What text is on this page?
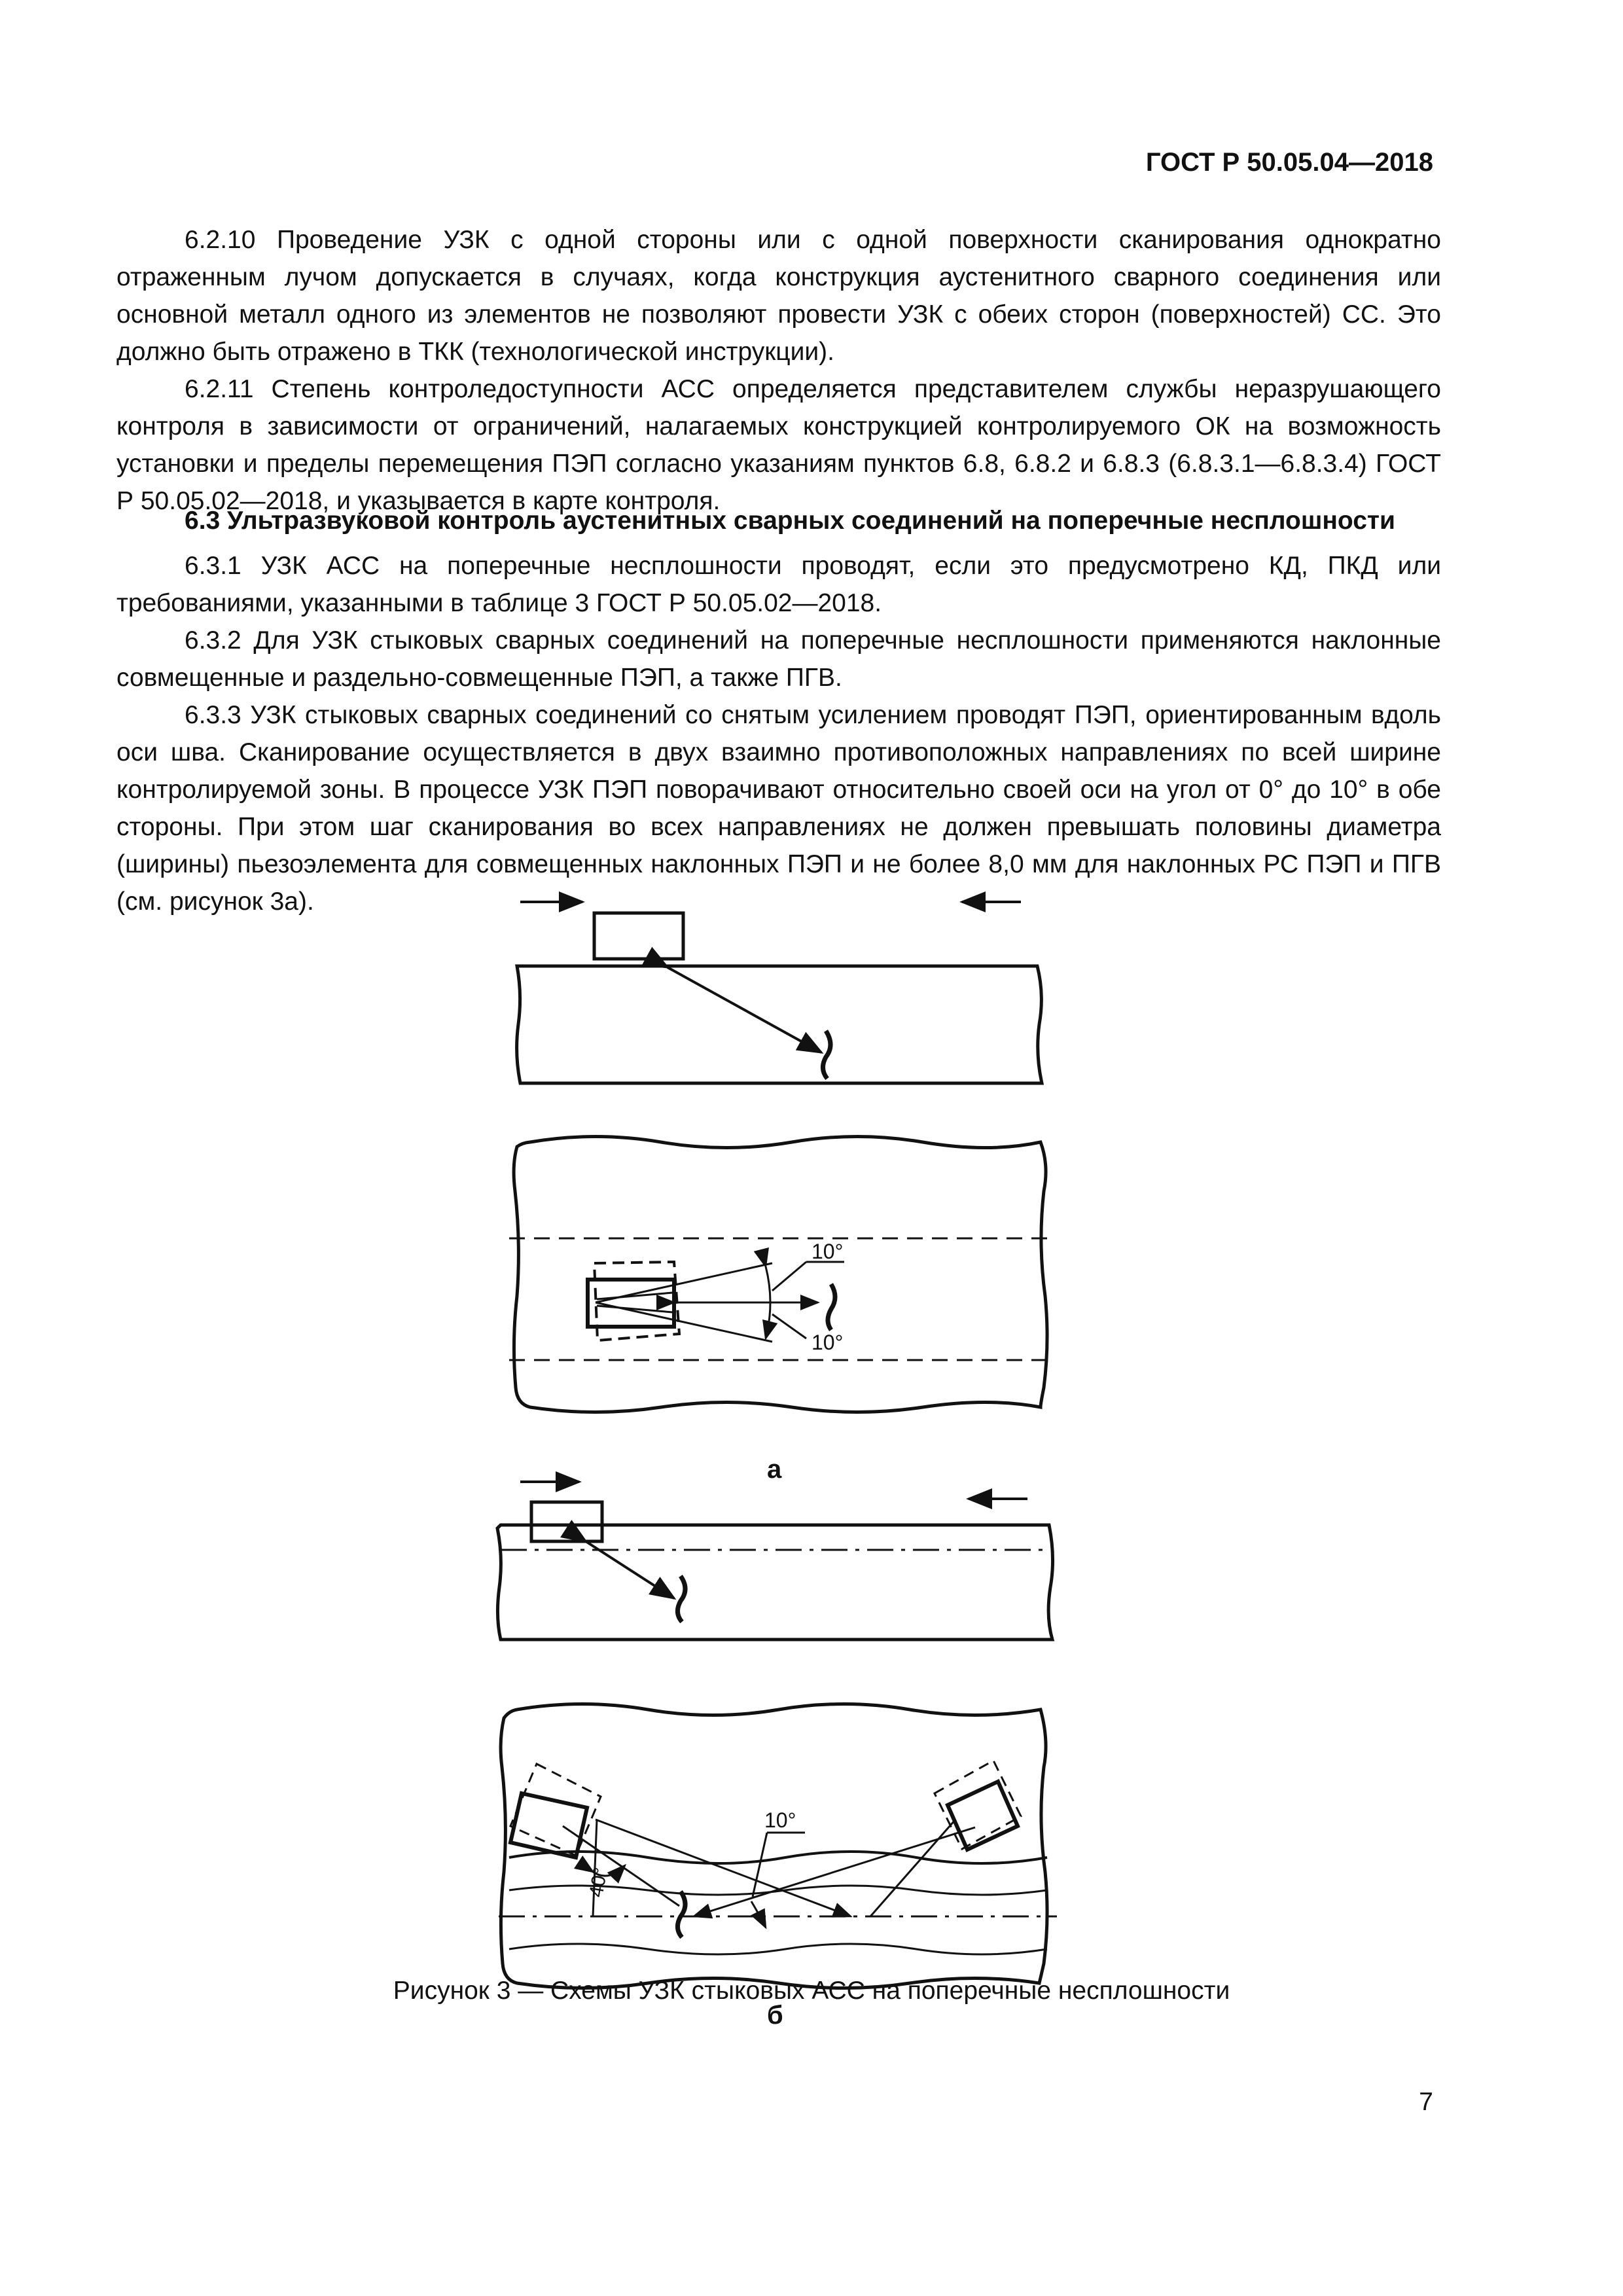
ГОСТ Р 50.05.04—2018

6.2.10 Проведение УЗК с одной стороны или с одной поверхности сканирования однократно отраженным лучом допускается в случаях, когда конструкция аустенитного сварного соединения или основной металл одного из элементов не позволяют провести УЗК с обеих сторон (поверхностей) СС. Это должно быть отражено в ТКК (технологической инструкции).

6.2.11 Степень контроледоступности АСС определяется представителем службы неразрушающего контроля в зависимости от ограничений, налагаемых конструкцией контролируемого ОК на возможность установки и пределы перемещения ПЭП согласно указаниям пунктов 6.8, 6.8.2 и 6.8.3 (6.8.3.1—6.8.3.4) ГОСТ Р 50.05.02—2018, и указывается в карте контроля.

6.3 Ультразвуковой контроль аустенитных сварных соединений на поперечные несплошности

6.3.1 УЗК АСС на поперечные несплошности проводят, если это предусмотрено КД, ПКД или требованиями, указанными в таблице 3 ГОСТ Р 50.05.02—2018.

6.3.2 Для УЗК стыковых сварных соединений на поперечные несплошности применяются наклонные совмещенные и раздельно-совмещенные ПЭП, а также ПГВ.

6.3.3 УЗК стыковых сварных соединений со снятым усилением проводят ПЭП, ориентированным вдоль оси шва. Сканирование осуществляется в двух взаимно противоположных направлениях по всей ширине контролируемой зоны. В процессе УЗК ПЭП поворачивают относительно своей оси на угол от 0° до 10° в обе стороны. При этом шаг сканирования во всех направлениях не должен превышать половины диаметра (ширины) пьезоэлемента для совмещенных наклонных ПЭП и не более 8,0 мм для наклонных РС ПЭП и ПГВ (см. рисунок 3а).

10°
10°
а
10°
40°
б
Рисунок 3 — Схемы УЗК стыковых АСС на поперечные несплошности
7
